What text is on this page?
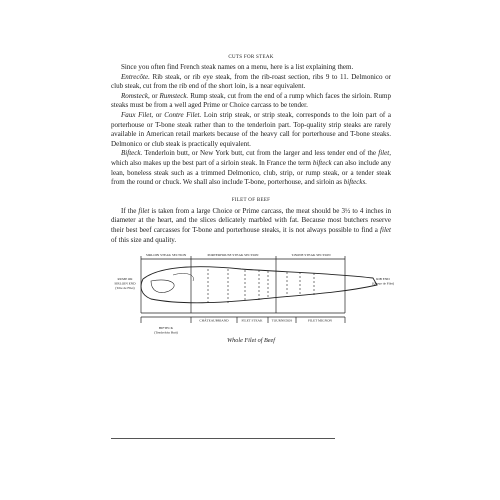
CUTS FOR STEAK

Since you often find French steak names on a menu, here is a list explaining them.

Entrecôte. Rib steak, or rib eye steak, from the rib-roast section, ribs 9 to 11. Delmonico or club steak, cut from the rib end of the short loin, is a near equivalent.

Romsteck, or Rumsteck. Rump steak, cut from the end of a rump which faces the sirloin. Rump steaks must be from a well aged Prime or Choice carcass to be tender.

Faux Filet, or Contre Filet. Loin strip steak, or strip steak, corresponds to the loin part of a porterhouse or T-bone steak rather than to the tenderloin part. Top-quality strip steaks are rarely available in American retail markets because of the heavy call for porterhouse and T-bone steaks. Delmonico or club steak is practically equivalent.

Bifteck. Tenderloin butt, or New York butt, cut from the larger and less tender end of the filet, which also makes up the best part of a sirloin steak. In France the term bifteck can also include any lean, boneless steak such as a trimmed Delmonico, club, strip, or rump steak, or a tender steak from the round or chuck. We shall also include T-bone, porterhouse, and sirloin as biftecks.

FILET OF BEEF

If the filet is taken from a large Choice or Prime carcass, the meat should be 3½ to 4 inches in diameter at the heart, and the slices delicately marbled with fat. Because most butchers reserve their best beef carcasses for T-bone and porterhouse steaks, it is not always possible to find a filet of this size and quality.

SIRLOIN STEAK SECTION	PORTERHOUSE STEAK SECTION	T-BONE STEAK SECTION
BIFTECK
(Tenderloin Butt)
CHÂTEAUBRIAND	FILET STEAK	TOURNEDOS	FILET MIGNON
RUMP OR
SIRLOIN END
(Tête de Filet)
RIB END
(Queue de Filet)
Whole Filet of Beef
